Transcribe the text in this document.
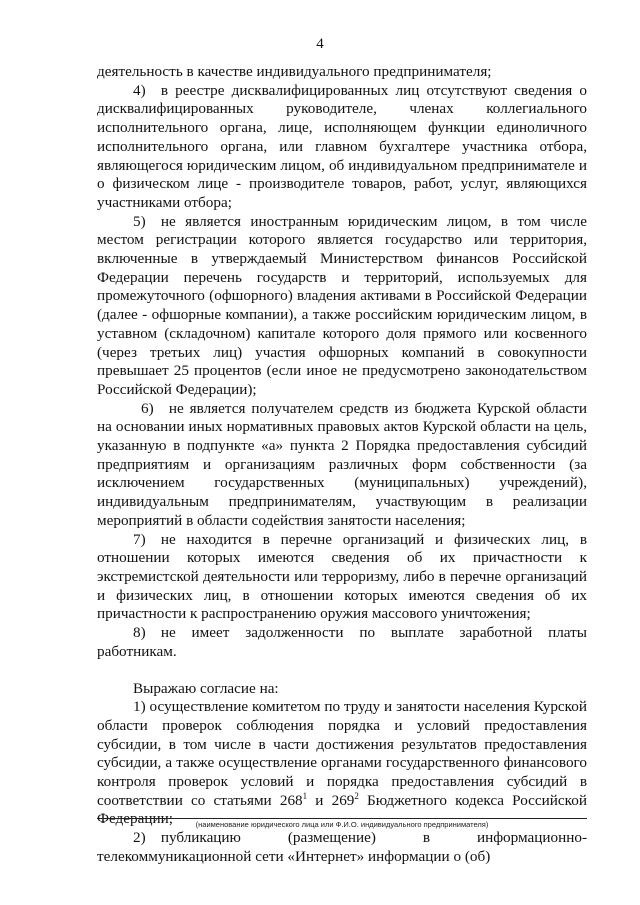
4

деятельность в качестве индивидуального предпринимателя;

4) в реестре дисквалифицированных лиц отсутствуют сведения о дисквалифицированных руководителе, членах коллегиального исполнительного органа, лице, исполняющем функции единоличного исполнительного органа, или главном бухгалтере участника отбора, являющегося юридическим лицом, об индивидуальном предпринимателе и о физическом лице - производителе товаров, работ, услуг, являющихся участниками отбора;

5) не является иностранным юридическим лицом, в том числе местом регистрации которого является государство или территория, включенные в утверждаемый Министерством финансов Российской Федерации перечень государств и территорий, используемых для промежуточного (офшорного) владения активами в Российской Федерации (далее - офшорные компании), а также российским юридическим лицом, в уставном (складочном) капитале которого доля прямого или косвенного (через третьих лиц) участия офшорных компаний в совокупности превышает 25 процентов (если иное не предусмотрено законодательством Российской Федерации);

6) не является получателем средств из бюджета Курской области на основании иных нормативных правовых актов Курской области на цель, указанную в подпункте «а» пункта 2 Порядка предоставления субсидий предприятиям и организациям различных форм собственности (за исключением государственных (муниципальных) учреждений), индивидуальным предпринимателям, участвующим в реализации мероприятий в области содействия занятости населения;

7) не находится в перечне организаций и физических лиц, в отношении которых имеются сведения об их причастности к экстремистской деятельности или терроризму, либо в перечне организаций и физических лиц, в отношении которых имеются сведения об их причастности к распространению оружия массового уничтожения;

8) не имеет задолженности по выплате заработной платы работникам.

Выражаю согласие на:

1) осуществление комитетом по труду и занятости населения Курской области проверок соблюдения порядка и условий предоставления субсидии, в том числе в части достижения результатов предоставления субсидии, а также осуществление органами государственного финансового контроля проверок условий и порядка предоставления субсидий в соответствии со статьями $268^1$ и $269^2$ Бюджетного кодекса Российской Федерации;

2) публикацию (размещение) в информационно-телекоммуникационной сети «Интернет» информации о (об)

(наименование юридического лица или Ф.И.О. индивидуального предпринимателя)
